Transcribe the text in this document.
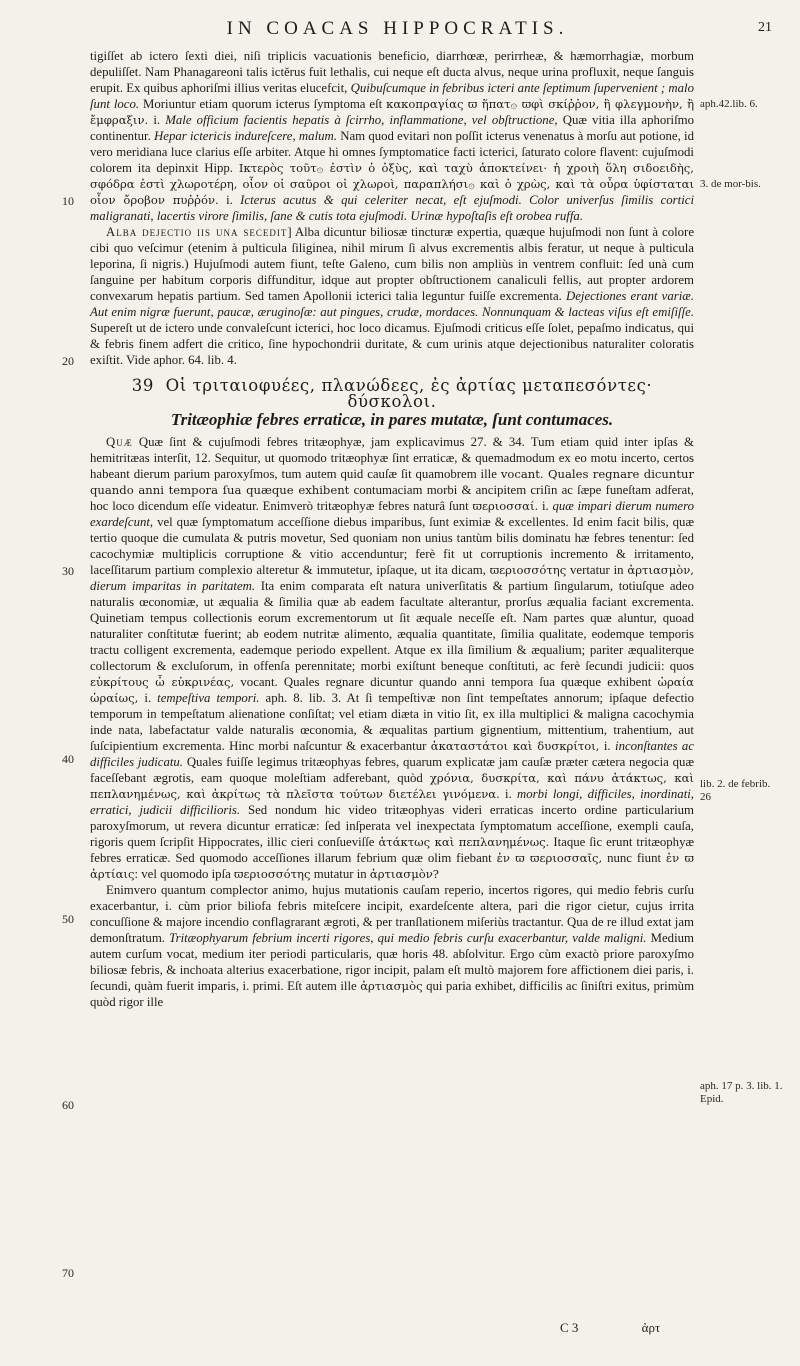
IN COACAS HIPPOCRATIS.	21
aph.42.lib. 6.
3. de mor-bis.
lib. 2. de febrib. 26
aph. 17 p. 3. lib. 1. Epid.
10
20
30
40
50
60
70

tigiſſet ab ictero ſexti diei, niſi triplicis vacuationis beneficio, diarrhœæ, perirrheæ, & hæmorrhagiæ, morbum depuliſſet. Nam Phanagareoni talis ictěrus fuit lethalis, cui neque eſt ducta alvus, neque urina profluxit, neque ſanguis erupit. Ex quibus aphoriſmi illius veritas elucefcit, Quibuſcumque in febribus icteri ante ſeptimum ſupervenient ; malo ſunt loco. Moriuntur etiam quorum icterus ſymptoma eſt κακοπραγίας ϖ ἥπατ۞ ϖφὶ σκίῤῥον, ἢ φλεγμονὴν, ἢ ἔμφραξιν. i. Male officium facientis hepatis à ſcirrho, inflammatione, vel obſtructione, Quæ vitia illa aphoriſmo continentur. Hepar ictericis indureſcere, malum. Nam quod evitari non poſſit icterus venenatus à morſu aut potione, id vero meridiana luce clarius eſſe arbiter. Atque hi omnes ſymptomatice facti icterici, ſaturato colore flavent: cujuſmodi colorem ita depinxit Hipp. Ικτερὸς τοῦτ۞ ἐστὶν ὁ ὀξὺς, καὶ ταχὺ ἀποκτείνει· ἡ χροιὴ ὅλη σιδοειδὴς, σφόδρα ἐστὶ χλωροτέρη, οἷον οἱ σαῦροι οἱ χλωροὶ, παραπλήσι۞ καὶ ὁ χρὼς, καὶ τὰ οὖρα ὑφίσταται οἷον ὄροβον πυῤῥόν. i. Icterus acutus & qui celeriter necat, eſt ejuſmodi. Color univerſus ſimilis cortici maligranati, lacertis virore ſimilis, ſane & cutis tota ejuſmodi. Urinæ hypoſtaſis eſt orobea ruffa.

Alba dejectio iis una secedit] Alba dicuntur biliosæ tincturæ expertia, quæque hujuſmodi non ſunt à colore cibi quo veſcimur (etenim à pulticula ſiliginea, nihil mirum ſi alvus excrementis albis feratur, ut neque à pulticula leporina, ſi nigris.) Hujuſmodi autem fiunt, teſte Galeno, cum bilis non ampliùs in ventrem confluit: ſed unà cum ſanguine per habitum corporis diffunditur, idque aut propter obſtructionem canaliculi fellis, aut propter ardorem convexarum hepatis partium. Sed tamen Apollonii icterici talia leguntur fuiſſe excrementa. Dejectiones erant variæ. Aut enim nigræ fuerunt, paucæ, æruginoſæ: aut pingues, crudæ, mordaces. Nonnunquam & lacteas viſus eſt emiſiſſe. Supereſt ut de ictero unde convaleſcunt icterici, hoc loco dicamus. Ejuſmodi criticus eſſe ſolet, pepaſmo indicatus, qui & febris finem adfert die critico, ſine hypochondrii duritate, & cum urinis atque dejectionibus naturaliter coloratis exiſtit. Vide aphor. 64. lib. 4.

39 Οἱ τριταιοφυέες, πλανώδεες, ἐς ἀρτίας μεταπεσόντες· δύσκολοι.
Tritæophiæ febres erraticæ, in pares mutatæ, ſunt contumaces.

Quæ Quæ ſint & cujuſmodi febres tritæophyæ, jam explicavimus 27. & 34. Tum etiam quid inter ipſas & hemitritæas interſit, 12. Sequitur, ut quomodo tritæophyæ ſint erraticæ, & quemadmodum ex eo motu incerto, certos habeant dierum parium paroxyſmos, tum autem quid cauſæ ſit quamobrem ille vocant. Quales regnare dicuntur quando anni tempora ſua quæque exhibent contumaciam morbi & ancipitem criſin ac ſæpe funeſtam adferat, hoc loco dicendum eſſe videatur. Enimverò tritæophyæ febres naturâ ſunt ϖεριοσσαί. i. quæ impari dierum numero exardeſcunt, vel quæ ſymptomatum acceſſione diebus imparibus, ſunt eximiæ & excellentes. Id enim facit bilis, quæ tertio quoque die cumulata & putris movetur, Sed quoniam non unius tantùm bilis dominatu hæ febres tenentur: ſed cacochymiæ multiplicis corruptione & vitio accenduntur; ferè fit ut corruptionis incremento & irritamento, laceſſitarum partium complexio alteretur & immutetur, ipſaque, ut ita dicam, ϖεριοσσότης vertatur in ἀρτιασμὸν, dierum imparitas in paritatem. Ita enim comparata eſt natura univerſitatis & partium ſingularum, totiuſque adeo naturalis œconomiæ, ut æqualia & ſimilia quæ ab eadem facultate alterantur, prorſus æqualia faciant excrementa. Quinetiam tempus collectionis eorum excrementorum ut ſit æquale neceſſe eſt. Nam partes quæ aluntur, quoad naturaliter conſtitutæ fuerint; ab eodem nutritæ alimento, æqualia quantitate, ſimilia qualitate, eodemque temporis tractu colligent excrementa, eademque periodo expellent. Atque ex illa ſimilium & æqualium; pariter æqualiterque collectorum & excluſorum, in offenſa perennitate; morbi exiſtunt beneque conſtituti, ac ferè ſecundi judicii: quos εὐκρίτους ὦ εὐκρινέας, vocant. Quales regnare dicuntur quando anni tempora ſua quæque exhibent ὡραία ὡραίως, i. tempeſtiva tempori. aph. 8. lib. 3. At ſi tempeſtivæ non ſint tempeſtates annorum; ipſaque defectio temporum in tempeſtatum alienatione conſiſtat; vel etiam diæta in vitio ſit, ex illa multiplici & maligna cacochymia inde nata, labefactatur valde naturalis œconomia, & æqualitas partium gignentium, mittentium, trahentium, aut ſuſcipientium excrementa. Hinc morbi naſcuntur & exacerbantur ἀκαταστάτοι καὶ δυσκρίτοι, i. inconſtantes ac difficiles judicatu. Quales fuiſſe legimus tritæophyas febres, quarum explicatæ jam cauſæ præter cætera negocia quæ faceſſebant ægrotis, eam quoque moleſtiam adferebant, quòd χρόνια, δυσκρίτα, καὶ πάνυ ἀτάκτως, καὶ πεπλανημένως, καὶ ἀκρίτως τὰ πλεῖστα τούτων διετέλει γινόμενα. i. morbi longi, difficiles, inordinati, erratici, judicii difficilioris. Sed nondum hic video tritæophyas videri erraticas incerto ordine particularium paroxyſmorum, ut revera dicuntur erraticæ: ſed inſperata vel inexpectata ſymptomatum acceſſione, exempli cauſa, rigoris quem ſcripſit Hippocrates, illic cieri conſueviſſe ἀτάκτως καὶ πεπλανημένως. Itaque ſic erunt tritæophyæ febres erraticæ. Sed quomodo acceſſiones illarum febrium quæ olim fiebant ἐν ϖ ϖεριοσσαῖς, nunc fiunt ἐν ϖ ἀρτίαις: vel quomodo ipſa ϖεριοσσότης mutatur in ἀρτιασμὸν?

Enimvero quantum complector animo, hujus mutationis cauſam reperio, incertos rigores, qui medio febris curſu exacerbantur, i. cùm prior biliofa febris miteſcere incipit, exardeſcente altera, pari die rigor cietur, cujus irrita concuſſione & majore incendio conflagrarant ægroti, & per tranſlationem miſeriùs tractantur. Qua de re illud extat jam demonſtratum. Tritæophyarum febrium incerti rigores, qui medio febris curſu exacerbantur, valde maligni. Medium autem curſum vocat, medium iter periodi particularis, quæ horis 48. abſolvitur. Ergo cùm exactò priore paroxyſmo biliosæ febris, & inchoata alterius exacerbatione, rigor incipit, palam eſt multò majorem fore affictionem diei paris, i. ſecundi, quàm fuerit imparis, i. primi. Eſt autem ille ἀρτιασμὸς qui paria exhibet, difficilis ac ſiniſtri exitus, primùm quòd rigor ille

C 3	ἀρτ
